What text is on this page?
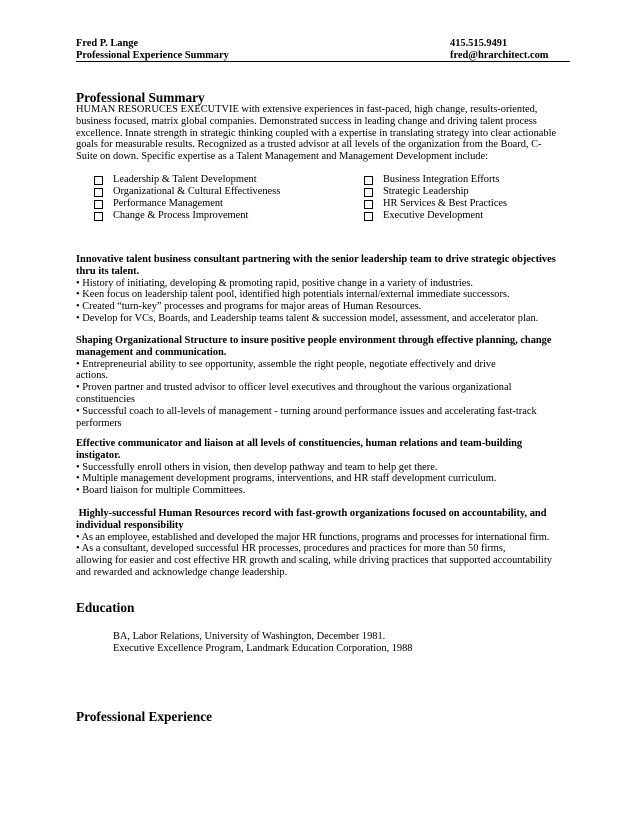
Fred P. Lange	415.515.9491
Professional Experience Summary	fred@hrarchitect.com
Professional Summary
HUMAN RESORUCES EXECUTVIE with extensive experiences in fast-paced, high change, results-oriented,
business focused, matrix global companies. Demonstrated success in leading change and driving talent process
excellence. Innate strength in strategic thinking coupled with a expertise in translating strategy into clear actionable
goals for measurable results. Recognized as a trusted advisor at all levels of the organization from the Board, C-
Suite on down. Specific expertise as a Talent Management and Management Development include:
Leadership & Talent Development	Business Integration Efforts
Organizational & Cultural Effectiveness	Strategic Leadership
Performance Management	HR Services & Best Practices
Change & Process Improvement	Executive Development
Innovative talent business consultant partnering with the senior leadership team to drive strategic objectives
thru its talent.
• History of initiating, developing & promoting rapid, positive change in a variety of industries.
• Keen focus on leadership talent pool, identified high potentials internal/external immediate successors.
• Created “turn-key” processes and programs for major areas of Human Resources.
• Develop for VCs, Boards, and Leadership teams talent & succession model, assessment, and accelerator plan.
Shaping Organizational Structure to insure positive people environment through effective planning, change
management and communication.
• Entrepreneurial ability to see opportunity, assemble the right people, negotiate effectively and drive
actions.
• Proven partner and trusted advisor to officer level executives and throughout the various organizational
constituencies
• Successful coach to all-levels of management - turning around performance issues and accelerating fast-track
performers
Effective communicator and liaison at all levels of constituencies, human relations and team-building
instigator.
• Successfully enroll others in vision, then develop pathway and team to help get there.
• Multiple management development programs, interventions, and HR staff development curriculum.
• Board liaison for multiple Committees.
Highly-successful Human Resources record with fast-growth organizations focused on accountability, and
individual responsibility
• As an employee, established and developed the major HR functions, programs and processes for international firm.
• As a consultant, developed successful HR processes, procedures and practices for more than 50 firms,
allowing for easier and cost effective HR growth and scaling, while driving practices that supported accountability
and rewarded and acknowledge change leadership.
Education
BA, Labor Relations, University of Washington, December 1981.
Executive Excellence Program, Landmark Education Corporation, 1988
Professional Experience
